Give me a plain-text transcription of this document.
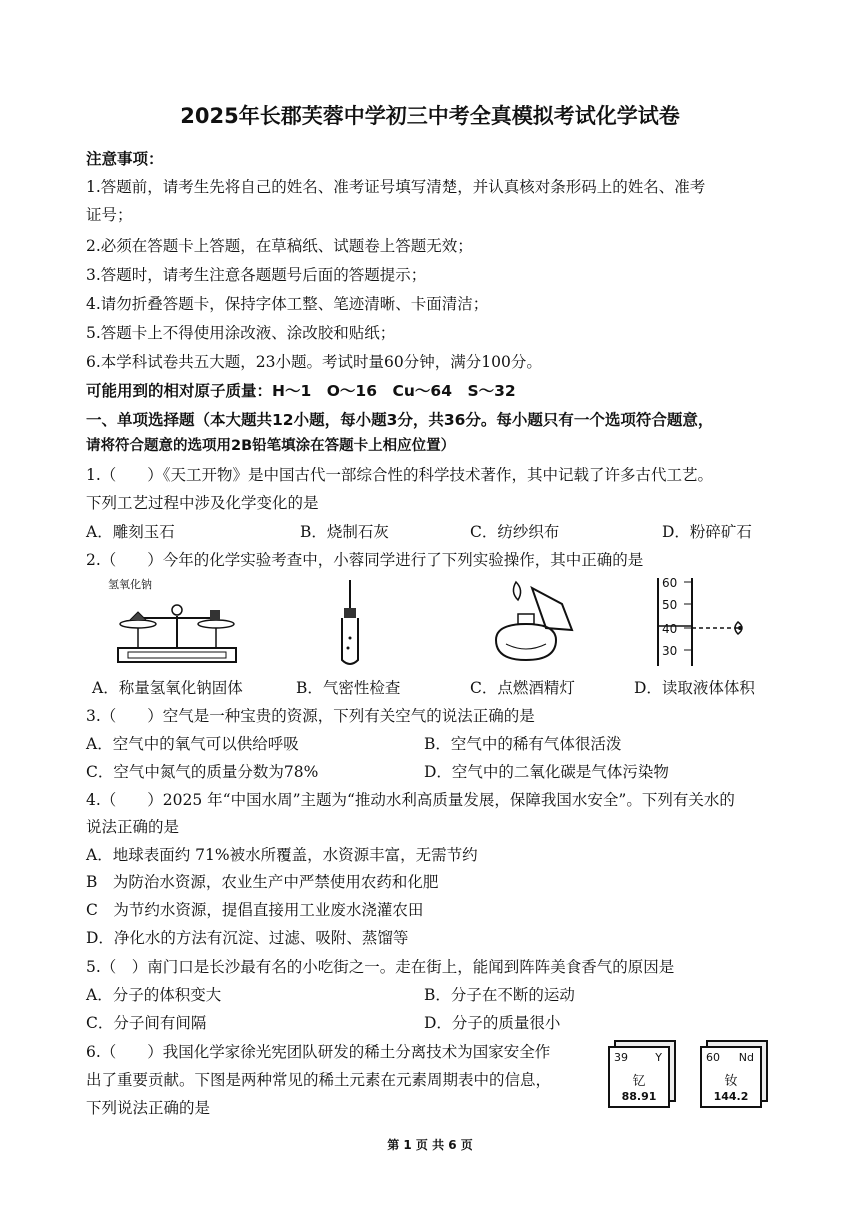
2025年长郡芙蓉中学初三中考全真模拟考试化学试卷
注意事项：
1.答题前，请考生先将自己的姓名、准考证号填写清楚，并认真核对条形码上的姓名、准考
证号；
2.必须在答题卡上答题，在草稿纸、试题卷上答题无效；
3.答题时，请考生注意各题题号后面的答题提示；
4.请勿折叠答题卡，保持字体工整、笔迹清晰、卡面清洁；
5.答题卡上不得使用涂改液、涂改胶和贴纸；
6.本学科试卷共五大题，23小题。考试时量60分钟，满分100分。
可能用到的相对原子质量：H～1　O～16　Cu～64　S～32
一、单项选择题（本大题共12小题，每小题3分，共36分。每小题只有一个选项符合题意，
请将符合题意的选项用2B铅笔填涂在答题卡上相应位置）
1.（　　）《天工开物》是中国古代一部综合性的科学技术著作，其中记载了许多古代工艺。
下列工艺过程中涉及化学变化的是
A．雕刻玉石	B．烧制石灰	C．纺纱织布	D．粉碎矿石
2.（　　）今年的化学实验考查中，小蓉同学进行了下列实验操作，其中正确的是
氢氧化钠	60
50
40
30
A．称量氢氧化钠固体	B．气密性检查	C．点燃酒精灯	D．读取液体体积
3.（　　）空气是一种宝贵的资源，下列有关空气的说法正确的是
A．空气中的氧气可以供给呼吸	B．空气中的稀有气体很活泼
C．空气中氮气的质量分数为78%	D．空气中的二氧化碳是气体污染物
4.（　　）2025 年“中国水周”主题为“推动水利高质量发展，保障我国水安全”。下列有关水的
说法正确的是
A．地球表面约 71%被水所覆盖，水资源丰富，无需节约
B　为防治水资源，农业生产中严禁使用农药和化肥
C　为节约水资源，提倡直接用工业废水浇灌农田
D．净化水的方法有沉淀、过滤、吸附、蒸馏等
5.（　）南门口是长沙最有名的小吃街之一。走在街上，能闻到阵阵美食香气的原因是
A．分子的体积变大	B．分子在不断的运动
C．分子间有间隔	D．分子的质量很小
6.（　　）我国化学家徐光宪团队研发的稀土分离技术为国家安全作
出了重要贡献。下图是两种常见的稀土元素在元素周期表中的信息，
下列说法正确的是
39 Y
钇
88.91
60 Nd
钕
144.2
第 1 页 共 6 页
